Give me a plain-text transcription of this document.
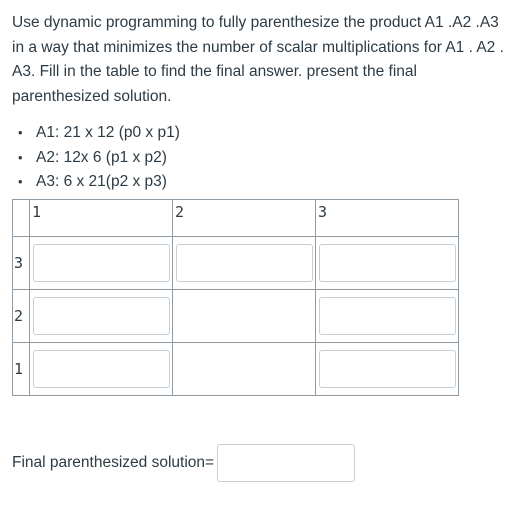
Use dynamic programming to fully parenthesize the product A1 .A2 .A3
in a way that minimizes the number of scalar multiplications for A1 . A2 .
A3. Fill in the table to find the final answer. present the final
parenthesized solution.
• A1: 21 x 12 (p0 x p1)
• A2: 12x 6 (p1 x p2)
• A3: 6 x 21(p2 x p3)

	1	2	3

3	

2	

1	

Final parenthesized solution=
